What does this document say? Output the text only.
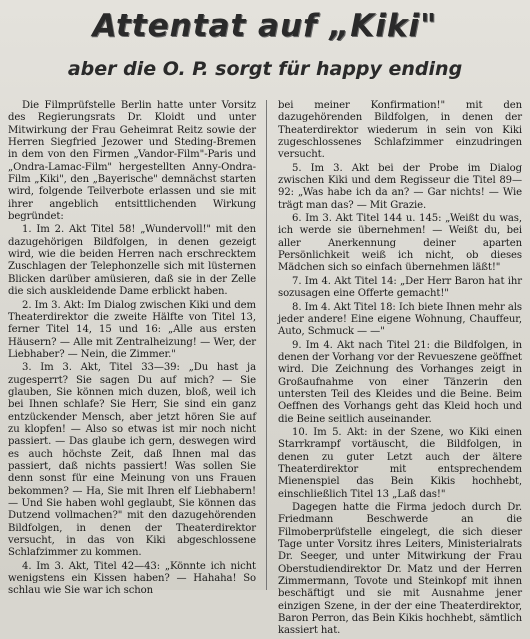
Attentat auf „Kiki"
aber die O. P. sorgt für happy ending

Die Filmprüfstelle Berlin hatte unter Vorsitz des Regierungsrats Dr. Kloidt und unter Mitwirkung der Frau Geheimrat Reitz sowie der Herren Siegfried Jezower und Steding-Bremen in dem von den Firmen „Vandor-Film"-Paris und „Ondra-Lamac-Film" hergestellten Anny-Ondra-Film „Kiki", den „Bayerische" demnächst starten wird, folgende Teilverbote erlassen und sie mit ihrer angeblich entsittlichenden Wirkung begründet:

1. Im 2. Akt Titel 58! „Wundervoll!" mit den dazugehörigen Bildfolgen, in denen gezeigt wird, wie die beiden Herren nach erschrecktem Zuschlagen der Telephonzelle sich mit lüsternen Blicken darüber amüsieren, daß sie in der Zelle die sich auskleidende Dame erblickt haben.

2. Im 3. Akt: Im Dialog zwischen Kiki und dem Theaterdirektor die zweite Hälfte von Titel 13, ferner Titel 14, 15 und 16: „Alle aus ersten Häusern? — Alle mit Zentralheizung! — Wer, der Liebhaber? — Nein, die Zimmer."

3. Im 3. Akt, Titel 33—39: „Du hast ja zugesperrt? Sie sagen Du auf mich? — Sie glauben, Sie können mich duzen, bloß, weil ich bei Ihnen schlafe? Sie Herr, Sie sind ein ganz entzückender Mensch, aber jetzt hören Sie auf zu klopfen! — Also so etwas ist mir noch nicht passiert. — Das glaube ich gern, deswegen wird es auch höchste Zeit, daß Ihnen mal das passiert, daß nichts passiert! Was sollen Sie denn sonst für eine Meinung von uns Frauen bekommen? — Ha, Sie mit Ihren elf Liebhabern! — Und Sie haben wohl geglaubt, Sie können das Dutzend vollmachen?" mit den dazugehörenden Bildfolgen, in denen der Theaterdirektor versucht, in das von Kiki abgeschlossene Schlafzimmer zu kommen.

4. Im 3. Akt, Titel 42—43: „Könnte ich nicht wenigstens ein Kissen haben? — Hahaha! So schlau wie Sie war ich schon

bei meiner Konfirmation!" mit den dazugehörenden Bildfolgen, in denen der Theaterdirektor wiederum in sein von Kiki zugeschlossenes Schlafzimmer einzudringen versucht.

5. Im 3. Akt bei der Probe im Dialog zwischen Kiki und dem Regisseur die Titel 89—92: „Was habe ich da an? — Gar nichts! — Wie trägt man das? — Mit Grazie.

6. Im 3. Akt Titel 144 u. 145: „Weißt du was, ich werde sie übernehmen! — Weißt du, bei aller Anerkennung deiner aparten Persönlichkeit weiß ich nicht, ob dieses Mädchen sich so einfach übernehmen läßt!"

7. Im 4. Akt Titel 14: „Der Herr Baron hat ihr sozusagen eine Offerte gemacht!"

8. Im 4. Akt Titel 18: Ich biete Ihnen mehr als jeder andere! Eine eigene Wohnung, Chauffeur, Auto, Schmuck — —"

9. Im 4. Akt nach Titel 21: die Bildfolgen, in denen der Vorhang vor der Revueszene geöffnet wird. Die Zeichnung des Vorhanges zeigt in Großaufnahme von einer Tänzerin den untersten Teil des Kleides und die Beine. Beim Oeffnen des Vorhangs geht das Kleid hoch und die Beine seitlich auseinander.

10. Im 5. Akt: in der Szene, wo Kiki einen Starrkrampf vortäuscht, die Bildfolgen, in denen zu guter Letzt auch der ältere Theaterdirektor mit entsprechendem Mienenspiel das Bein Kikis hochhebt, einschließlich Titel 13 „Laß das!"

Dagegen hatte die Firma jedoch durch Dr. Friedmann Beschwerde an die Filmoberprüfstelle eingelegt, die sich dieser Tage unter Vorsitz ihres Leiters, Ministerialrats Dr. Seeger, und unter Mitwirkung der Frau Oberstudiendirektor Dr. Matz und der Herren Zimmermann, Tovote und Steinkopf mit ihnen beschäftigt und sie mit Ausnahme jener einzigen Szene, in der der eine Theaterdirektor, Baron Perron, das Bein Kikis hochhebt, sämtlich kassiert hat.
